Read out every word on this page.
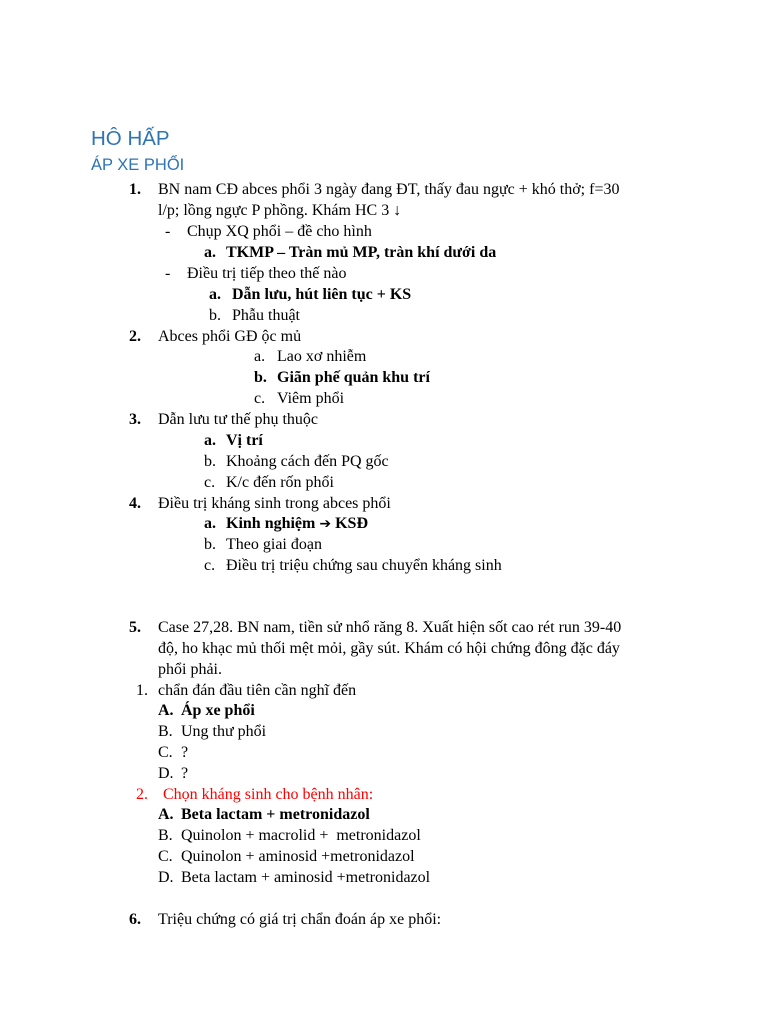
HÔ HẤP
ÁP XE PHỔI
1. BN nam CĐ abces phổi 3 ngày đang ĐT, thấy đau ngực + khó thở; f=30
l/p; lồng ngực P phồng. Khám HC 3 ↓
- Chụp XQ phổi – đề cho hình
a. TKMP – Tràn mủ MP, tràn khí dưới da
- Điều trị tiếp theo thế nào
a. Dẫn lưu, hút liên tục + KS
b. Phẫu thuật
2. Abces phổi GĐ ộc mủ
a. Lao xơ nhiễm
b. Giãn phế quản khu trí
c. Viêm phổi
3. Dẫn lưu tư thế phụ thuộc
a. Vị trí
b. Khoảng cách đến PQ gốc
c. K/c đến rốn phổi
4. Điều trị kháng sinh trong abces phổi
a. Kinh nghiệm ➔ KSĐ
b. Theo giai đoạn
c. Điều trị triệu chứng sau chuyển kháng sinh
5. Case 27,28. BN nam, tiền sử nhổ răng 8. Xuất hiện sốt cao rét run 39-40
độ, ho khạc mủ thối mệt mỏi, gầy sút. Khám có hội chứng đông đặc đáy
phổi phải.
1. chẩn đán đầu tiên cần nghĩ đến
A. Áp xe phổi
B. Ung thư phổi
C. ?
D. ?
2. Chọn kháng sinh cho bệnh nhân:
A. Beta lactam + metronidazol
B. Quinolon + macrolid +  metronidazol
C. Quinolon + aminosid +metronidazol
D. Beta lactam + aminosid +metronidazol
6. Triệu chứng có giá trị chẩn đoán áp xe phổi:
